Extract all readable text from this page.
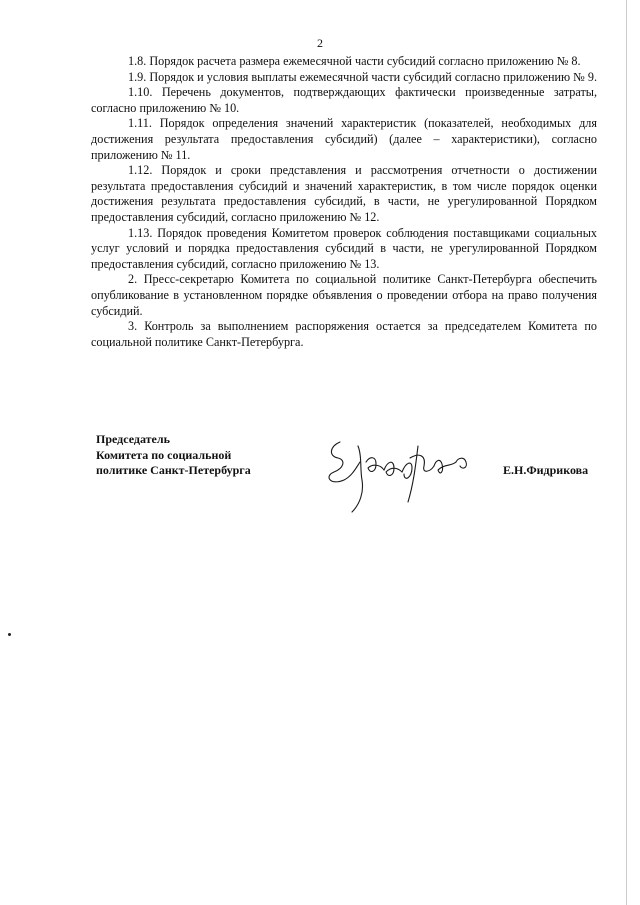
2

1.8. Порядок расчета размера ежемесячной части субсидий согласно приложению № 8.

1.9. Порядок и условия выплаты ежемесячной части субсидий согласно приложению № 9.

1.10. Перечень документов, подтверждающих фактически произведенные затраты, согласно приложению № 10.

1.11. Порядок определения значений характеристик (показателей, необходимых для достижения результата предоставления субсидий) (далее – характеристики), согласно приложению № 11.

1.12. Порядок и сроки представления и рассмотрения отчетности о достижении результата предоставления субсидий и значений характеристик, в том числе порядок оценки достижения результата предоставления субсидий, в части, не урегулированной Порядком предоставления субсидий, согласно приложению № 12.

1.13. Порядок проведения Комитетом проверок соблюдения поставщиками социальных услуг условий и порядка предоставления субсидий в части, не урегулированной Порядком предоставления субсидий, согласно приложению № 13.

2. Пресс-секретарю Комитета по социальной политике Санкт-Петербурга обеспечить опубликование в установленном порядке объявления о проведении отбора на право получения субсидий.

3. Контроль за выполнением распоряжения остается за председателем Комитета по социальной политике Санкт-Петербурга.

Председатель
Комитета по социальной
политике Санкт-Петербурга	Е.Н.Фидрикова
